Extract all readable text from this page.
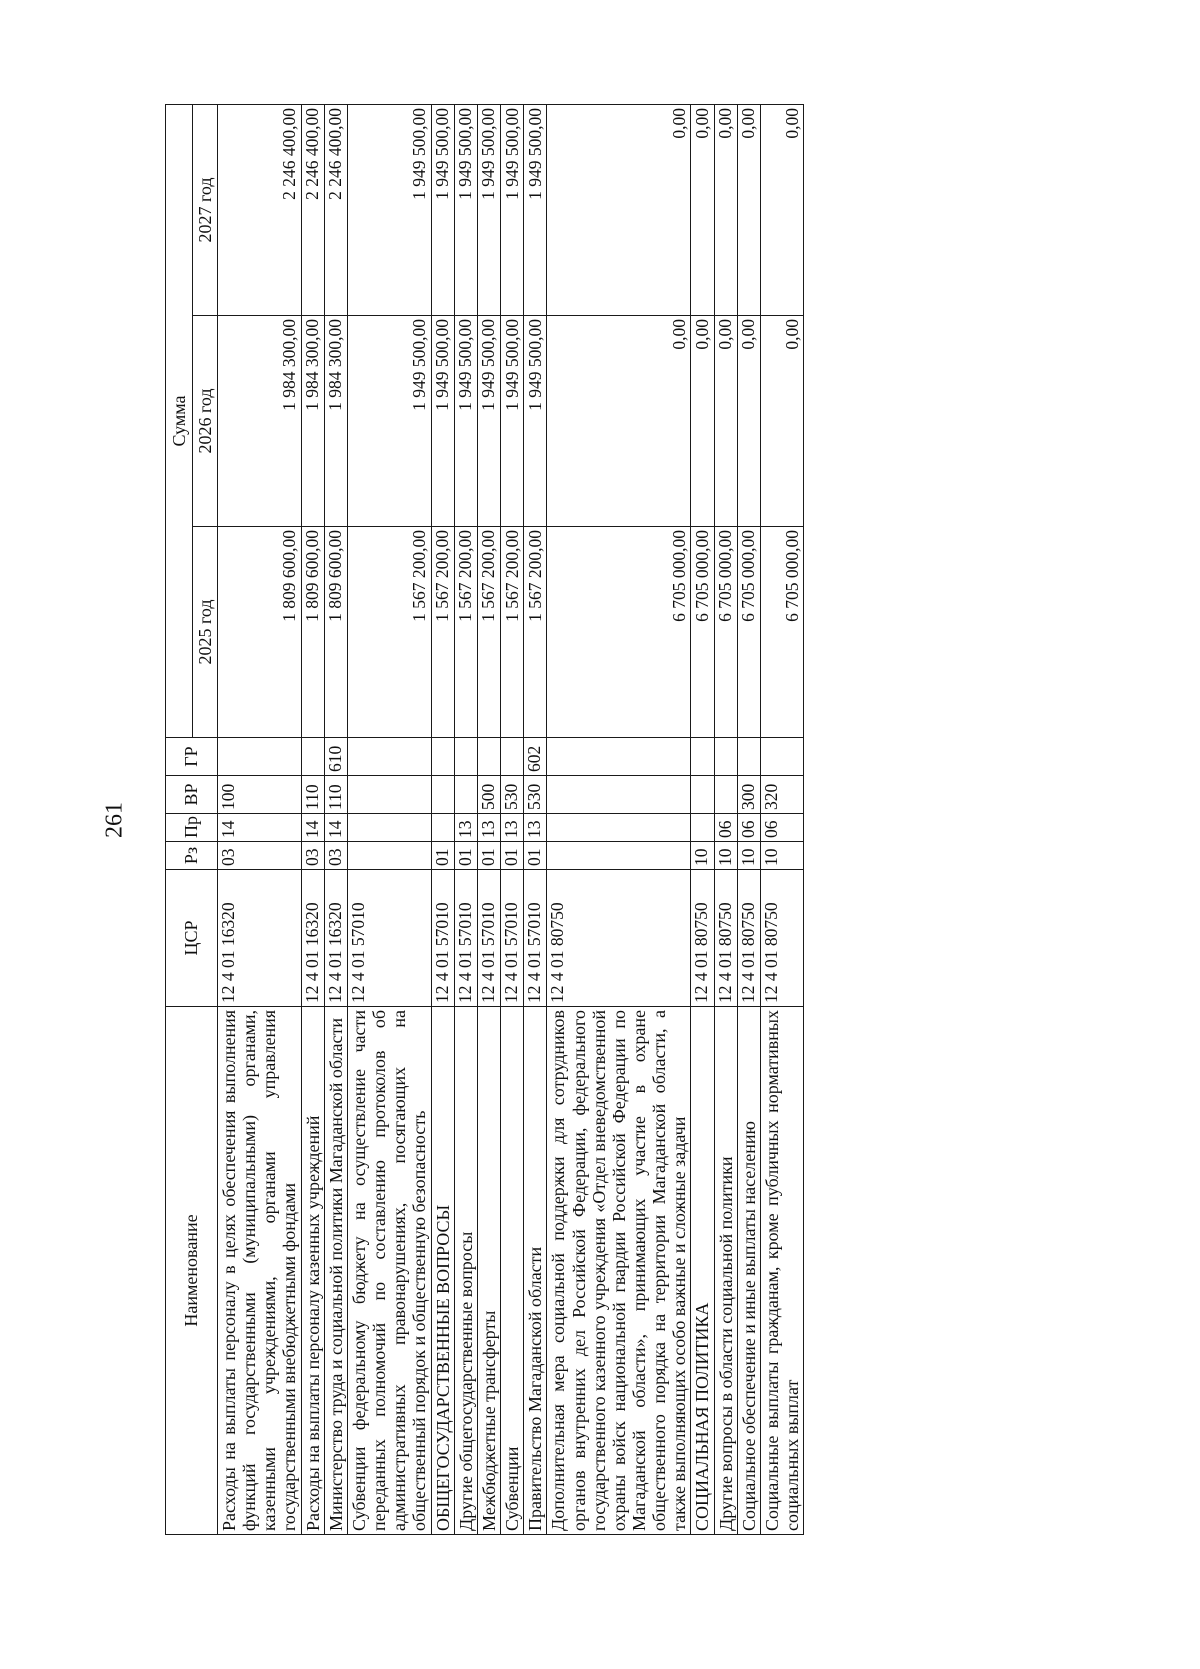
261
Наименование	ЦСР	Рз	Пр	ВР	ГР	Сумма		
						2025 год	2026 год	2027 год
Расходы на выплаты персоналу в целях обеспечения выполнения функций государственными (муниципальными) органами, казенными учреждениями, органами управления государственными внебюджетными фондами	12 4 01 16320	03	14	100		1 809 600,00	1 984 300,00	2 246 400,00
Расходы на выплаты персоналу казенных учреждений	12 4 01 16320	03	14	110		1 809 600,00	1 984 300,00	2 246 400,00
Министерство труда и социальной политики Магаданской области	12 4 01 16320	03	14	110	610	1 809 600,00	1 984 300,00	2 246 400,00
Субвенции федеральному бюджету на осуществление части переданных полномочий по составлению протоколов об административных правонарушениях, посягающих на общественный порядок и общественную безопасность	12 4 01 57010					1 567 200,00	1 949 500,00	1 949 500,00
ОБЩЕГОСУДАРСТВЕННЫЕ ВОПРОСЫ	12 4 01 57010	01				1 567 200,00	1 949 500,00	1 949 500,00
Другие общегосударственные вопросы	12 4 01 57010	01	13			1 567 200,00	1 949 500,00	1 949 500,00
Межбюджетные трансферты	12 4 01 57010	01	13	500		1 567 200,00	1 949 500,00	1 949 500,00
Субвенции	12 4 01 57010	01	13	530		1 567 200,00	1 949 500,00	1 949 500,00
Правительство Магаданской области	12 4 01 57010	01	13	530	602	1 567 200,00	1 949 500,00	1 949 500,00
Дополнительная мера социальной поддержки для сотрудников органов внутренних дел Российской Федерации, федерального государственного казенного учреждения «Отдел вневедомственной охраны войск национальной гвардии Российской Федерации по Магаданской области», принимающих участие в охране общественного порядка на территории Магаданской области, а также выполняющих особо важные и сложные задачи	12 4 01 80750					6 705 000,00	0,00	0,00
СОЦИАЛЬНАЯ ПОЛИТИКА	12 4 01 80750	10				6 705 000,00	0,00	0,00
Другие вопросы в области социальной политики	12 4 01 80750	10	06			6 705 000,00	0,00	0,00
Социальное обеспечение и иные выплаты населению	12 4 01 80750	10	06	300		6 705 000,00	0,00	0,00
Социальные выплаты гражданам, кроме публичных нормативных социальных выплат	12 4 01 80750	10	06	320		6 705 000,00	0,00	0,00
